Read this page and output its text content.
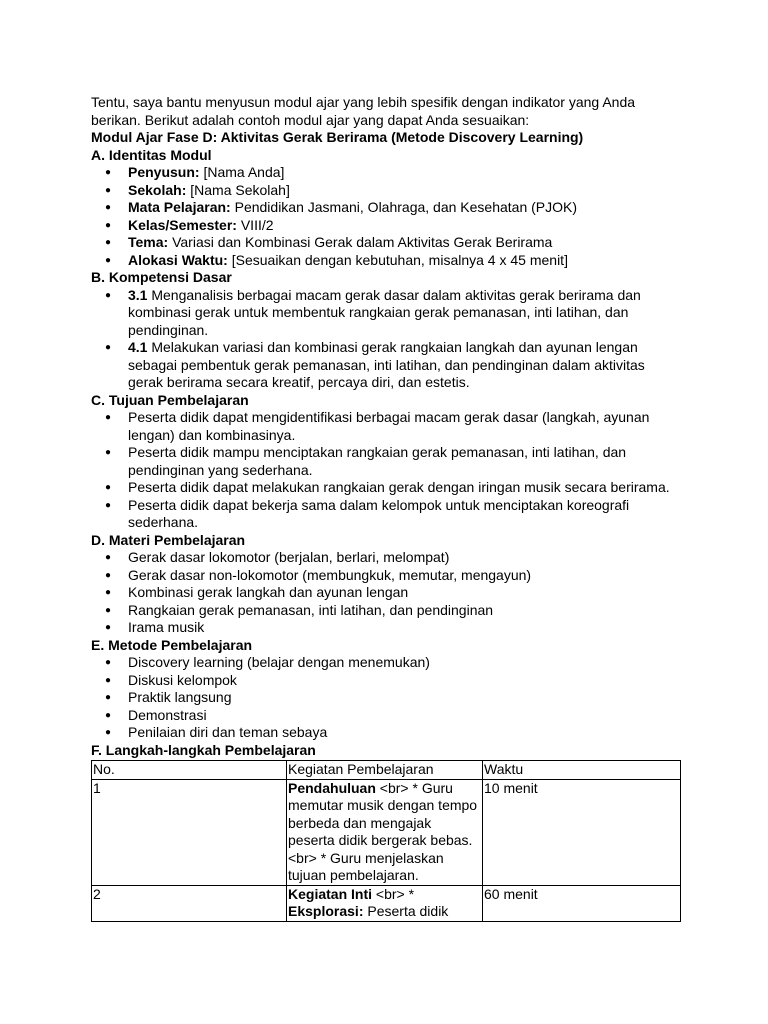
Tentu, saya bantu menyusun modul ajar yang lebih spesifik dengan indikator yang Anda berikan. Berikut adalah contoh modul ajar yang dapat Anda sesuaikan:

Modul Ajar Fase D: Aktivitas Gerak Berirama (Metode Discovery Learning)

A. Identitas Modul

● Penyusun: [Nama Anda]
● Sekolah: [Nama Sekolah]
● Mata Pelajaran: Pendidikan Jasmani, Olahraga, dan Kesehatan (PJOK)
● Kelas/Semester: VIII/2
● Tema: Variasi dan Kombinasi Gerak dalam Aktivitas Gerak Berirama
● Alokasi Waktu: [Sesuaikan dengan kebutuhan, misalnya 4 x 45 menit]

B. Kompetensi Dasar

● 3.1 Menganalisis berbagai macam gerak dasar dalam aktivitas gerak berirama dan kombinasi gerak untuk membentuk rangkaian gerak pemanasan, inti latihan, dan pendinginan.
● 4.1 Melakukan variasi dan kombinasi gerak rangkaian langkah dan ayunan lengan sebagai pembentuk gerak pemanasan, inti latihan, dan pendinginan dalam aktivitas gerak berirama secara kreatif, percaya diri, dan estetis.

C. Tujuan Pembelajaran

● Peserta didik dapat mengidentifikasi berbagai macam gerak dasar (langkah, ayunan lengan) dan kombinasinya.
● Peserta didik mampu menciptakan rangkaian gerak pemanasan, inti latihan, dan pendinginan yang sederhana.
● Peserta didik dapat melakukan rangkaian gerak dengan iringan musik secara berirama.
● Peserta didik dapat bekerja sama dalam kelompok untuk menciptakan koreografi sederhana.

D. Materi Pembelajaran

● Gerak dasar lokomotor (berjalan, berlari, melompat)
● Gerak dasar non-lokomotor (membungkuk, memutar, mengayun)
● Kombinasi gerak langkah dan ayunan lengan
● Rangkaian gerak pemanasan, inti latihan, dan pendinginan
● Irama musik

E. Metode Pembelajaran

● Discovery learning (belajar dengan menemukan)
● Diskusi kelompok
● Praktik langsung
● Demonstrasi
● Penilaian diri dan teman sebaya

F. Langkah-langkah Pembelajaran

No.	Kegiatan Pembelajaran	Waktu
1	Pendahuluan <br> * Guru memutar musik dengan tempo berbeda dan mengajak peserta didik bergerak bebas. <br> * Guru menjelaskan tujuan pembelajaran.	10 menit
2	Kegiatan Inti <br> * Eksplorasi: Peserta didik	60 menit
